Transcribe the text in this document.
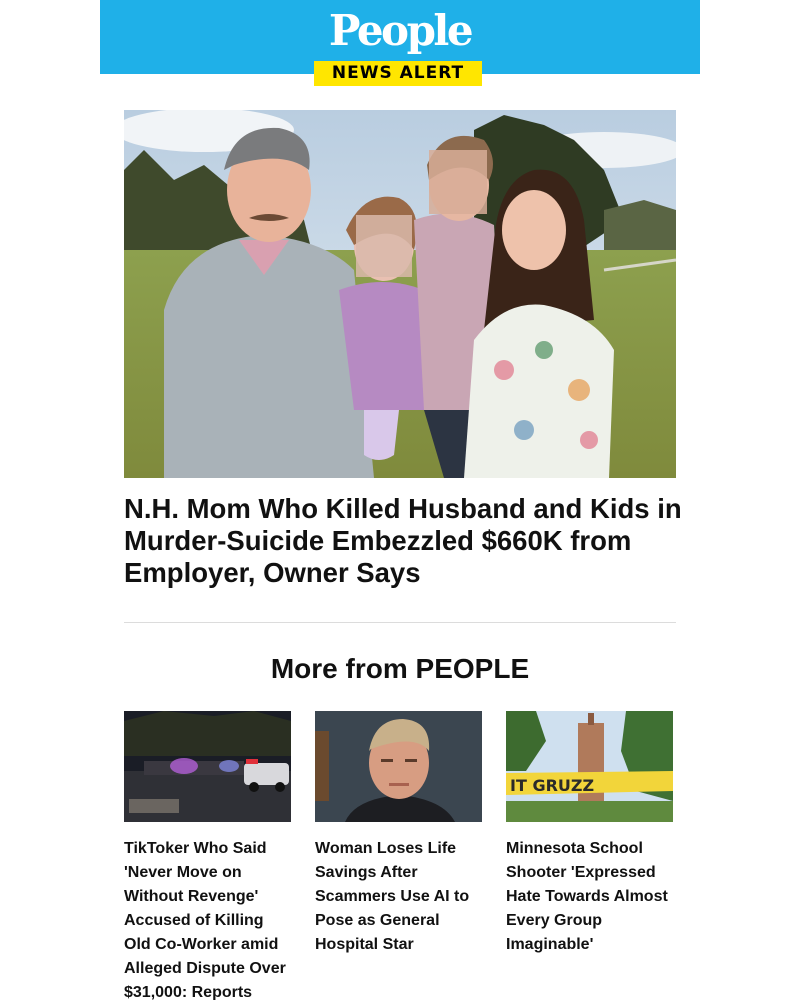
People
NEWS ALERT
N.H. Mom Who Killed Husband and Kids in Murder-Suicide Embezzled $660K from Employer, Owner Says
More from PEOPLE
TikToker Who Said 'Never Move on Without Revenge' Accused of Killing Old Co-Worker amid Alleged Dispute Over $31,000: Reports
Woman Loses Life Savings After Scammers Use AI to Pose as General Hospital Star
IT GRUZZ
Minnesota School Shooter 'Expressed Hate Towards Almost Every Group Imaginable'
